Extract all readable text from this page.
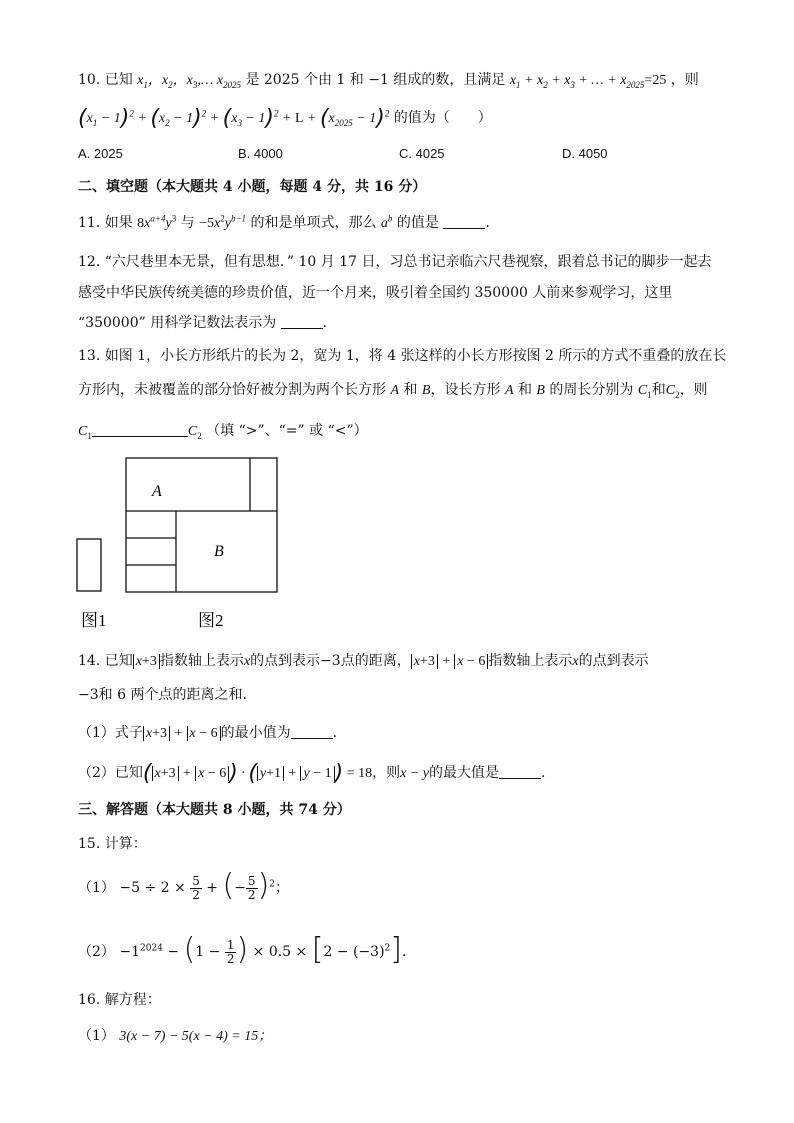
10. 已知 $x_1$，$x_2$，$x_3,\dots$ $x_{2025}$ 是 2025 个由 1 和 −1 组成的数，且满足 $x_1 + x_2 + x_3$ + … + $x_{2025}=25$ ，则
$(x_1 - 1)^2 + (x_2 - 1)^2 + (x_3 - 1)^2 + L + (x_{2025} - 1)^2$ 的值为（　　）
A. 2025	B. 4000	C. 4025	D. 4050
二、填空题（本大题共 4 小题，每题 4 分，共 16 分）
11. 如果 $8x^{a+4}y^3$ 与 $-5x^2y^{b-1}$ 的和是单项式，那么 $a^b$ 的值是	.
12. “六尺巷里本无景，但有思想．” 10 月 17 日，习总书记亲临六尺巷视察，跟着总书记的脚步一起去
感受中华民族传统美德的珍贵价值，近一个月来，吸引着全国约 350000 人前来参观学习，这里
“350000” 用科学记数法表示为	.
13. 如图 1，小长方形纸片的长为 2，宽为 1，将 4 张这样的小长方形按图 2 所示的方式不重叠的放在长
方形内，未被覆盖的部分恰好被分割为两个长方形 A 和 B，设长方形 A 和 B 的周长分别为 $C_1$和$C_2$，则
$C_1$	$C_2$ （填 “>”、“=” 或 “<”）
A
B
图1	图2
14. 已知 x+3 指数轴上表示x的点到表示−3点的距离， x+3 + x − 6 指数轴上表示x的点到表示
−3和 6 两个点的距离之和．
（1）式子 x+3 + x − 6 的最小值为	.
（2）已知( x+3 + x − 6 ) · ( y+1 + y − 1 ) = 18，则x − y的最大值是	.
三、解答题（本大题共 8 小题，共 74 分）
15. 计算：
$(1) -5 \div 2 \times \frac{5}{2}$ + (− $\frac{5}{2} )^2$；
$(2) -1^{2024} - (1 - \frac{1}{2}$ ) × $0.5 \times [2 - (-3)^2]$．
16. 解方程：
（1） 3(x − 7) − 5(x − 4) = 15；
